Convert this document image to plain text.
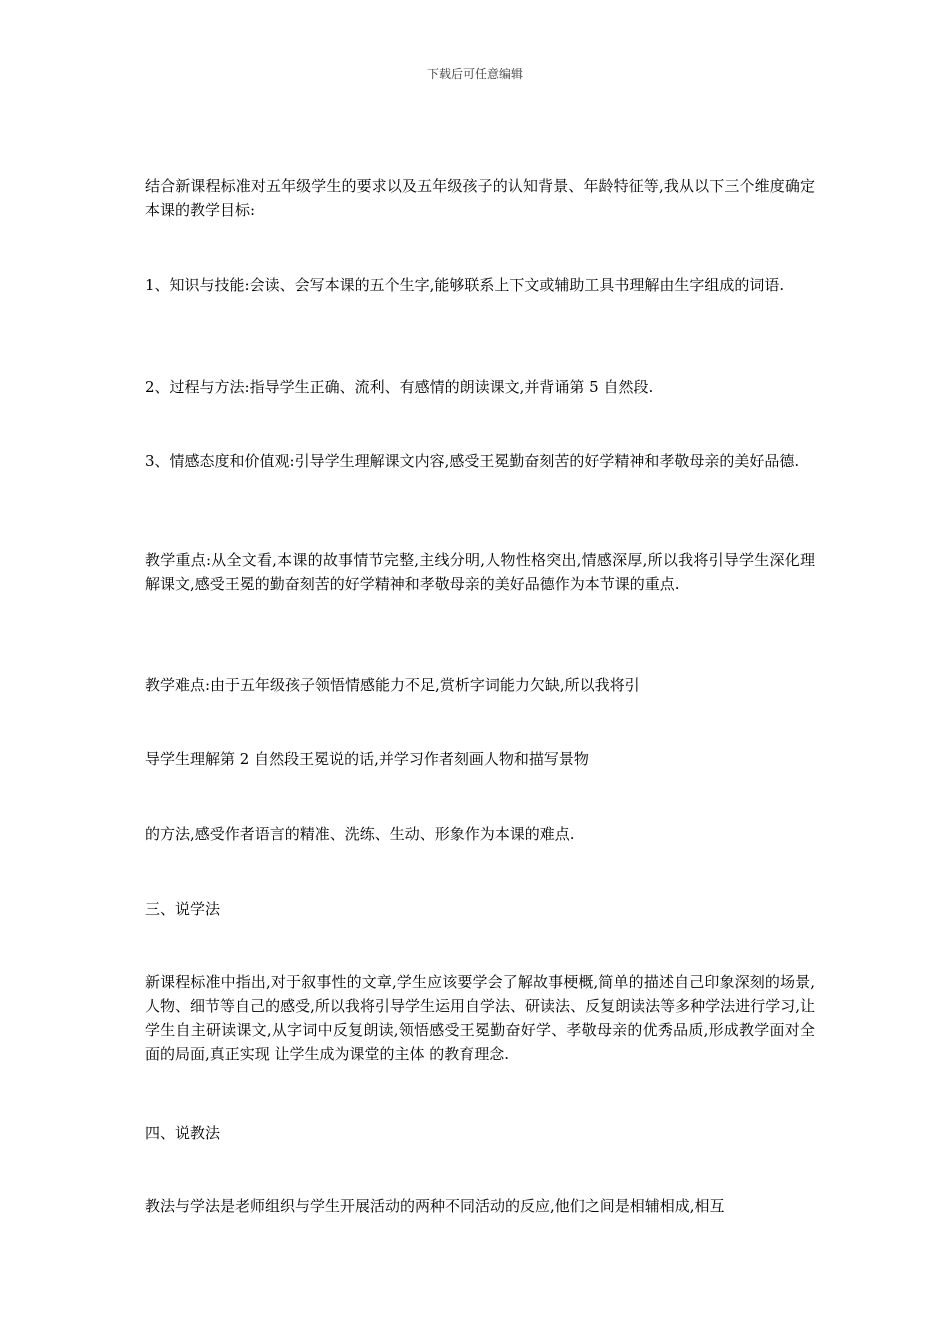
下载后可任意编辑

结合新课程标准对五年级学生的要求以及五年级孩子的认知背景、年龄特征等,我从以下三个维度确定本课的教学目标:

1、知识与技能:会读、会写本课的五个生字,能够联系上下文或辅助工具书理解由生字组成的词语.

2、过程与方法:指导学生正确、流利、有感情的朗读课文,并背诵第 5 自然段.

3、情感态度和价值观:引导学生理解课文内容,感受王冕勤奋刻苦的好学精神和孝敬母亲的美好品德.

教学重点:从全文看,本课的故事情节完整,主线分明,人物性格突出,情感深厚,所以我将引导学生深化理解课文,感受王冕的勤奋刻苦的好学精神和孝敬母亲的美好品德作为本节课的重点.

教学难点:由于五年级孩子领悟情感能力不足,赏析字词能力欠缺,所以我将引

导学生理解第 2 自然段王冕说的话,并学习作者刻画人物和描写景物

的方法,感受作者语言的精准、洗练、生动、形象作为本课的难点.

三、说学法

新课程标准中指出,对于叙事性的文章,学生应该要学会了解故事梗概,简单的描述自己印象深刻的场景,人物、细节等自己的感受,所以我将引导学生运用自学法、研读法、反复朗读法等多种学法进行学习,让学生自主研读课文,从字词中反复朗读,领悟感受王冕勤奋好学、孝敬母亲的优秀品质,形成教学面对全面的局面,真正实现 让学生成为课堂的主体 的教育理念.

四、说教法

教法与学法是老师组织与学生开展活动的两种不同活动的反应,他们之间是相辅相成,相互
